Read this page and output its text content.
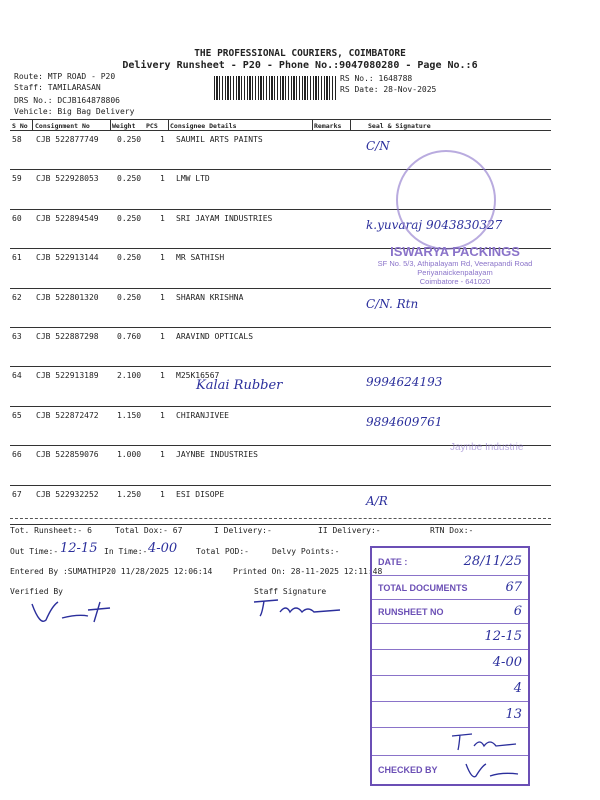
THE PROFESSIONAL COURIERS, COIMBATORE
Delivery Runsheet - P20 - Phone No.:9047080280 - Page No.:6
Route: MTP ROAD - P20
Staff: TAMILARASAN
DRS No.: DCJB164878806
Vehicle: Big Bag Delivery
RS No.: 1648788
RS Date: 28-Nov-2025
S No Consignment No	Weight PCS Consignee Details	Remarks	Seal & Signature
58 CJB 522877749 0.250 1 SAUMIL ARTS PAINTS	C/N
59 CJB 522928053 0.250 1 LMW LTD
60 CJB 522894549 0.250 1 SRI JAYAM INDUSTRIES	k.yuvaraj 9043830327
61 CJB 522913144 0.250 1 MR SATHISH
62 CJB 522801320 0.250 1 SHARAN KRISHNA	C/N. Rtn
63 CJB 522887298 0.760 1 ARAVIND OPTICALS
64 CJB 522913189 2.100 1 M25K16567	9994624193
65 CJB 522872472 1.150 1 CHIRANJIVEE	9894609761
66 CJB 522859076 1.000 1 JAYNBE INDUSTRIES
67 CJB 522932252 1.250 1 ESI DISOPE	A/R
ISWARYA PACKINGS
SF No. 5/3, Athipalayam Rd, Veerapandi Road
Periyanaickenpalayam
Coimbatore - 641020
Jaynbe Industrie
Kalai Rubber
Tot. Runsheet:- 6	Total Dox:- 67	I Delivery:-	II Delivery:-	RTN Dox:-
Out Time:- 12-15 In Time:- 4-00 Total POD:-	Delvy Points:-
Entered By :SUMATHIP20 11/28/2025 12:06:14	Printed On: 28-11-2025 12:11:48
Verified By	Staff Signature
DATE :	28/11/25
TOTAL DOCUMENTS	67
RUNSHEET NO	6
12-15
4-00
4
13
CHECKED BY
